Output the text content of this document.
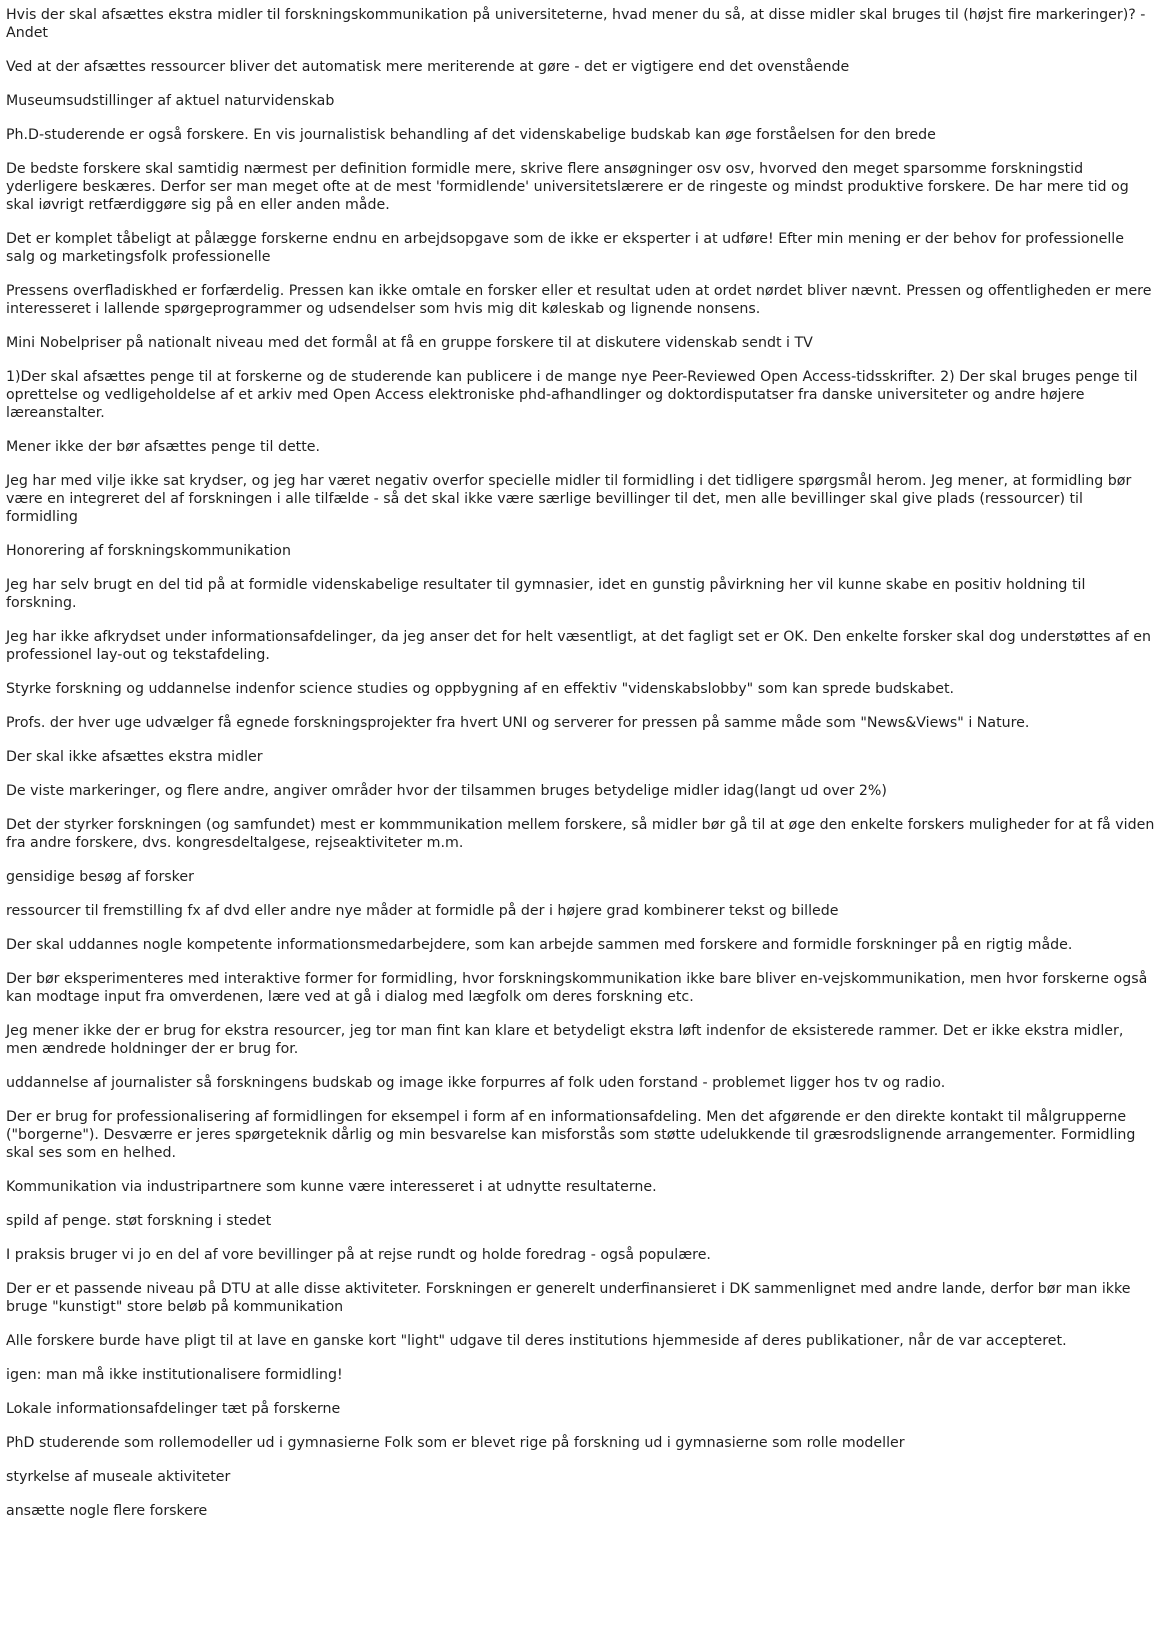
Hvis der skal afsættes ekstra midler til forskningskommunikation på universiteterne, hvad mener du så, at disse midler skal bruges til (højst fire markeringer)? - Andet

Ved at der afsættes ressourcer bliver det automatisk mere meriterende at gøre - det er vigtigere end det ovenstående

Museumsudstillinger af aktuel naturvidenskab

Ph.D-studerende er også forskere. En vis journalistisk behandling af det videnskabelige budskab kan øge forståelsen for den brede

De bedste forskere skal samtidig nærmest per definition formidle mere, skrive flere ansøgninger osv osv, hvorved den meget sparsomme forskningstid yderligere beskæres. Derfor ser man meget ofte at de mest 'formidlende' universitetslærere er de ringeste og mindst produktive forskere. De har mere tid og skal iøvrigt retfærdiggøre sig på en eller anden måde.

Det er komplet tåbeligt at pålægge forskerne endnu en arbejdsopgave som de ikke er eksperter i at udføre! Efter min mening er der behov for professionelle salg og marketingsfolk professionelle

Pressens overfladiskhed er forfærdelig. Pressen kan ikke omtale en forsker eller et resultat uden at ordet nørdet bliver nævnt. Pressen og offentligheden er mere interesseret i lallende spørgeprogrammer og udsendelser som hvis mig dit køleskab og lignende nonsens.

Mini Nobelpriser på nationalt niveau med det formål at få en gruppe forskere til at diskutere videnskab sendt i TV

1)Der skal afsættes penge til at forskerne og de studerende kan publicere i de mange nye Peer-Reviewed Open Access-tidsskrifter. 2) Der skal bruges penge til oprettelse og vedligeholdelse af et arkiv med Open Access elektroniske phd-afhandlinger og doktordisputatser fra danske universiteter og andre højere læreanstalter.

Mener ikke der bør afsættes penge til dette.

Jeg har med vilje ikke sat krydser, og jeg har været negativ overfor specielle midler til formidling i det tidligere spørgsmål herom. Jeg mener, at formidling bør være en integreret del af forskningen i alle tilfælde - så det skal ikke være særlige bevillinger til det, men alle bevillinger skal give plads (ressourcer) til formidling

Honorering af forskningskommunikation

Jeg har selv brugt en del tid på at formidle videnskabelige resultater til gymnasier, idet en gunstig påvirkning her vil kunne skabe en positiv holdning til forskning.

Jeg har ikke afkrydset under informationsafdelinger, da jeg anser det for helt væsentligt, at det fagligt set er OK. Den enkelte forsker skal dog understøttes af en professionel lay-out og tekstafdeling.

Styrke forskning og uddannelse indenfor science studies og oppbygning af en effektiv "videnskabslobby" som kan sprede budskabet.

Profs. der hver uge udvælger få egnede forskningsprojekter fra hvert UNI og serverer for pressen på samme måde som "News&Views" i Nature.

Der skal ikke afsættes ekstra midler

De viste markeringer, og flere andre, angiver områder hvor der tilsammen bruges betydelige midler idag(langt ud over 2%)

Det der styrker forskningen (og samfundet) mest er kommmunikation mellem forskere, så midler bør gå til at øge den enkelte forskers muligheder for at få viden fra andre forskere, dvs. kongresdeltalgese, rejseaktiviteter m.m.

gensidige besøg af forsker

ressourcer til fremstilling fx af dvd eller andre nye måder at formidle på der i højere grad kombinerer tekst og billede

Der skal uddannes nogle kompetente informationsmedarbejdere, som kan arbejde sammen med forskere and formidle forskninger på en rigtig måde.

Der bør eksperimenteres med interaktive former for formidling, hvor forskningskommunikation ikke bare bliver en-vejskommunikation, men hvor forskerne også kan modtage input fra omverdenen, lære ved at gå i dialog med lægfolk om deres forskning etc.

Jeg mener ikke der er brug for ekstra resourcer, jeg tor man fint kan klare et betydeligt ekstra løft indenfor de eksisterede rammer. Det er ikke ekstra midler, men ændrede holdninger der er brug for.

uddannelse af journalister så forskningens budskab og image ikke forpurres af folk uden forstand - problemet ligger hos tv og radio.

Der er brug for professionalisering af formidlingen for eksempel i form af en informationsafdeling. Men det afgørende er den direkte kontakt til målgrupperne ("borgerne"). Desværre er jeres spørgeteknik dårlig og min besvarelse kan misforstås som støtte udelukkende til græsrodslignende arrangementer. Formidling skal ses som en helhed.

Kommunikation via industripartnere som kunne være interesseret i at udnytte resultaterne.

spild af penge. støt forskning i stedet

I praksis bruger vi jo en del af vore bevillinger på at rejse rundt og holde foredrag - også populære.

Der er et passende niveau på DTU at alle disse aktiviteter. Forskningen er generelt underfinansieret i DK sammenlignet med andre lande, derfor bør man ikke bruge "kunstigt" store beløb på kommunikation

Alle forskere burde have pligt til at lave en ganske kort "light" udgave til deres institutions hjemmeside af deres publikationer, når de var accepteret.

igen: man må ikke institutionalisere formidling!

Lokale informationsafdelinger tæt på forskerne

PhD studerende som rollemodeller ud i gymnasierne Folk som er blevet rige på forskning ud i gymnasierne som rolle modeller

styrkelse af museale aktiviteter

ansætte nogle flere forskere
